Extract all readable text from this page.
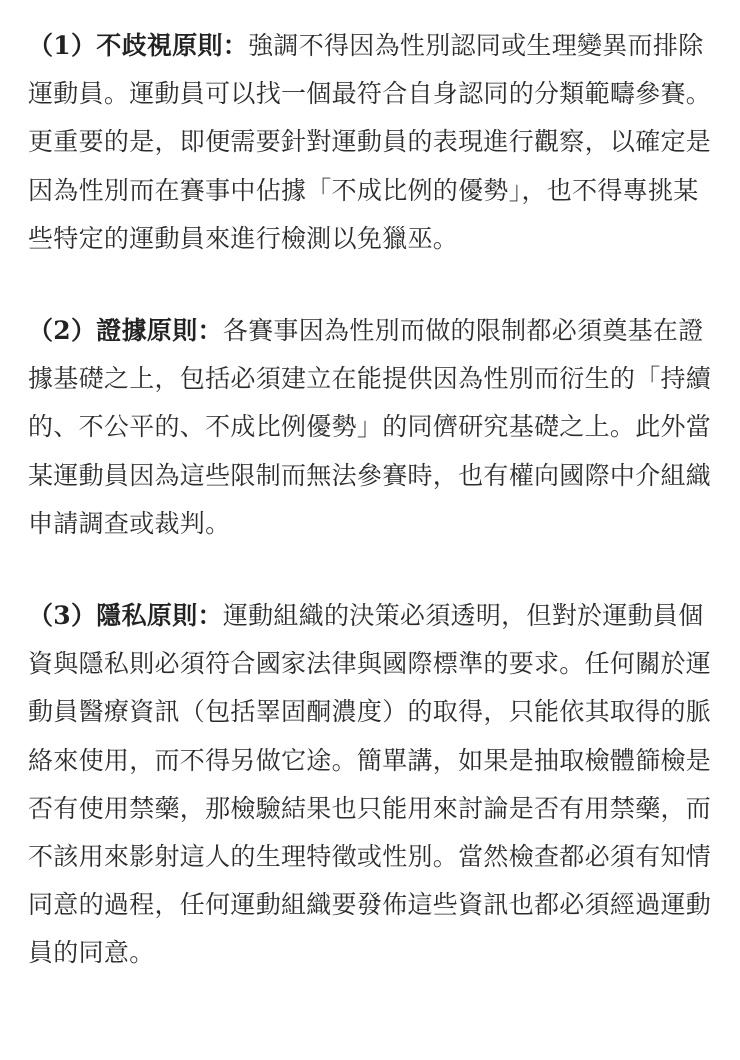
（1）不歧視原則：強調不得因為性別認同或生理變異而排除運動員。運動員可以找一個最符合自身認同的分類範疇參賽。更重要的是，即便需要針對運動員的表現進行觀察，以確定是因為性別而在賽事中佔據「不成比例的優勢」，也不得專挑某些特定的運動員來進行檢測以免獵巫。

（2）證據原則：各賽事因為性別而做的限制都必須奠基在證據基礎之上，包括必須建立在能提供因為性別而衍生的「持續的、不公平的、不成比例優勢」的同儕研究基礎之上。此外當某運動員因為這些限制而無法參賽時，也有權向國際中介組織申請調查或裁判。

（3）隱私原則：運動組織的決策必須透明，但對於運動員個資與隱私則必須符合國家法律與國際標準的要求。任何關於運動員醫療資訊（包括睪固酮濃度）的取得，只能依其取得的脈絡來使用，而不得另做它途。簡單講，如果是抽取檢體篩檢是否有使用禁藥，那檢驗結果也只能用來討論是否有用禁藥，而不該用來影射這人的生理特徵或性別。當然檢查都必須有知情同意的過程，任何運動組織要發佈這些資訊也都必須經過運動員的同意。
